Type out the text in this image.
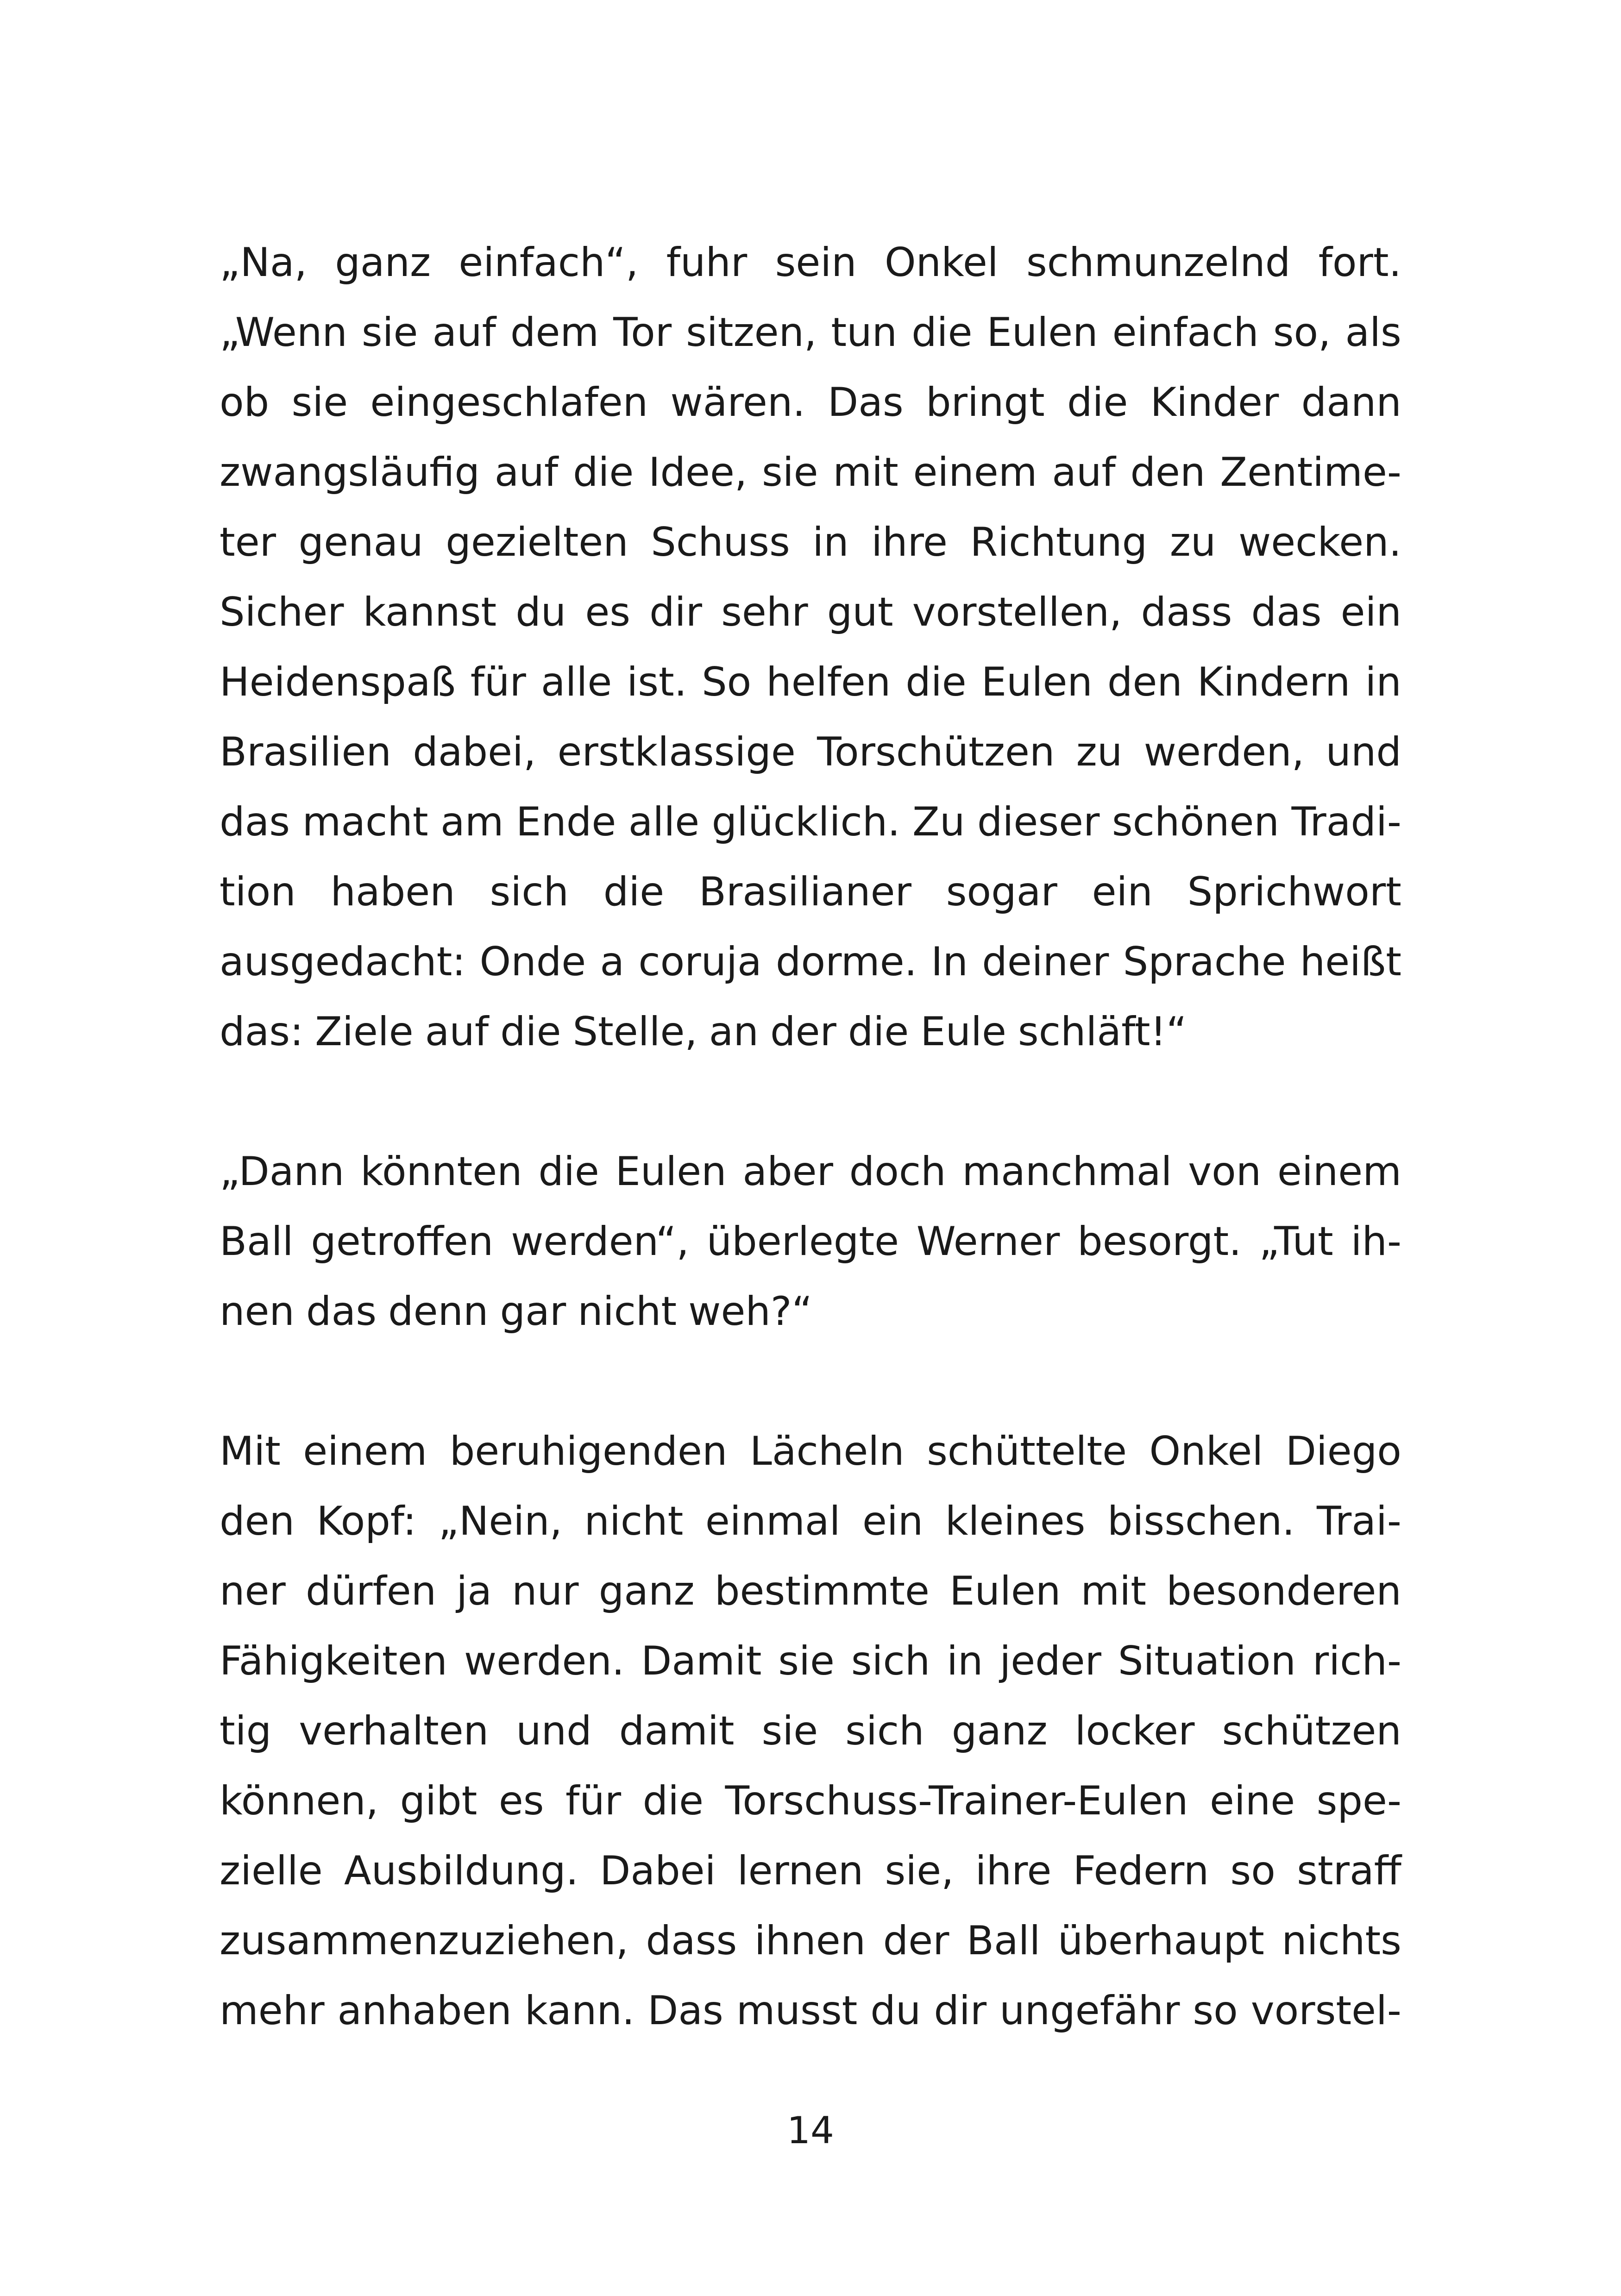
„Na, ganz einfach“, fuhr sein Onkel schmunzelnd fort.
„Wenn sie auf dem Tor sitzen, tun die Eulen einfach so, als
ob sie eingeschlafen wären. Das bringt die Kinder dann
zwangsläufig auf die Idee, sie mit einem auf den Zentime-
ter genau gezielten Schuss in ihre Richtung zu wecken.
Sicher kannst du es dir sehr gut vorstellen, dass das ein
Heidenspaß für alle ist. So helfen die Eulen den Kindern in
Brasilien dabei, erstklassige Torschützen zu werden, und
das macht am Ende alle glücklich. Zu dieser schönen Tradi-
tion haben sich die Brasilianer sogar ein Sprichwort
ausgedacht: Onde a coruja dorme. In deiner Sprache heißt
das: Ziele auf die Stelle, an der die Eule schläft!“
„Dann könnten die Eulen aber doch manchmal von einem
Ball getroffen werden“, überlegte Werner besorgt. „Tut ih-
nen das denn gar nicht weh?“
Mit einem beruhigenden Lächeln schüttelte Onkel Diego
den Kopf: „Nein, nicht einmal ein kleines bisschen. Trai-
ner dürfen ja nur ganz bestimmte Eulen mit besonderen
Fähigkeiten werden. Damit sie sich in jeder Situation rich-
tig verhalten und damit sie sich ganz locker schützen
können, gibt es für die Torschuss-Trainer-Eulen eine spe-
zielle Ausbildung. Dabei lernen sie, ihre Federn so straff
zusammenzuziehen, dass ihnen der Ball überhaupt nichts
mehr anhaben kann. Das musst du dir ungefähr so vorstel-
14
